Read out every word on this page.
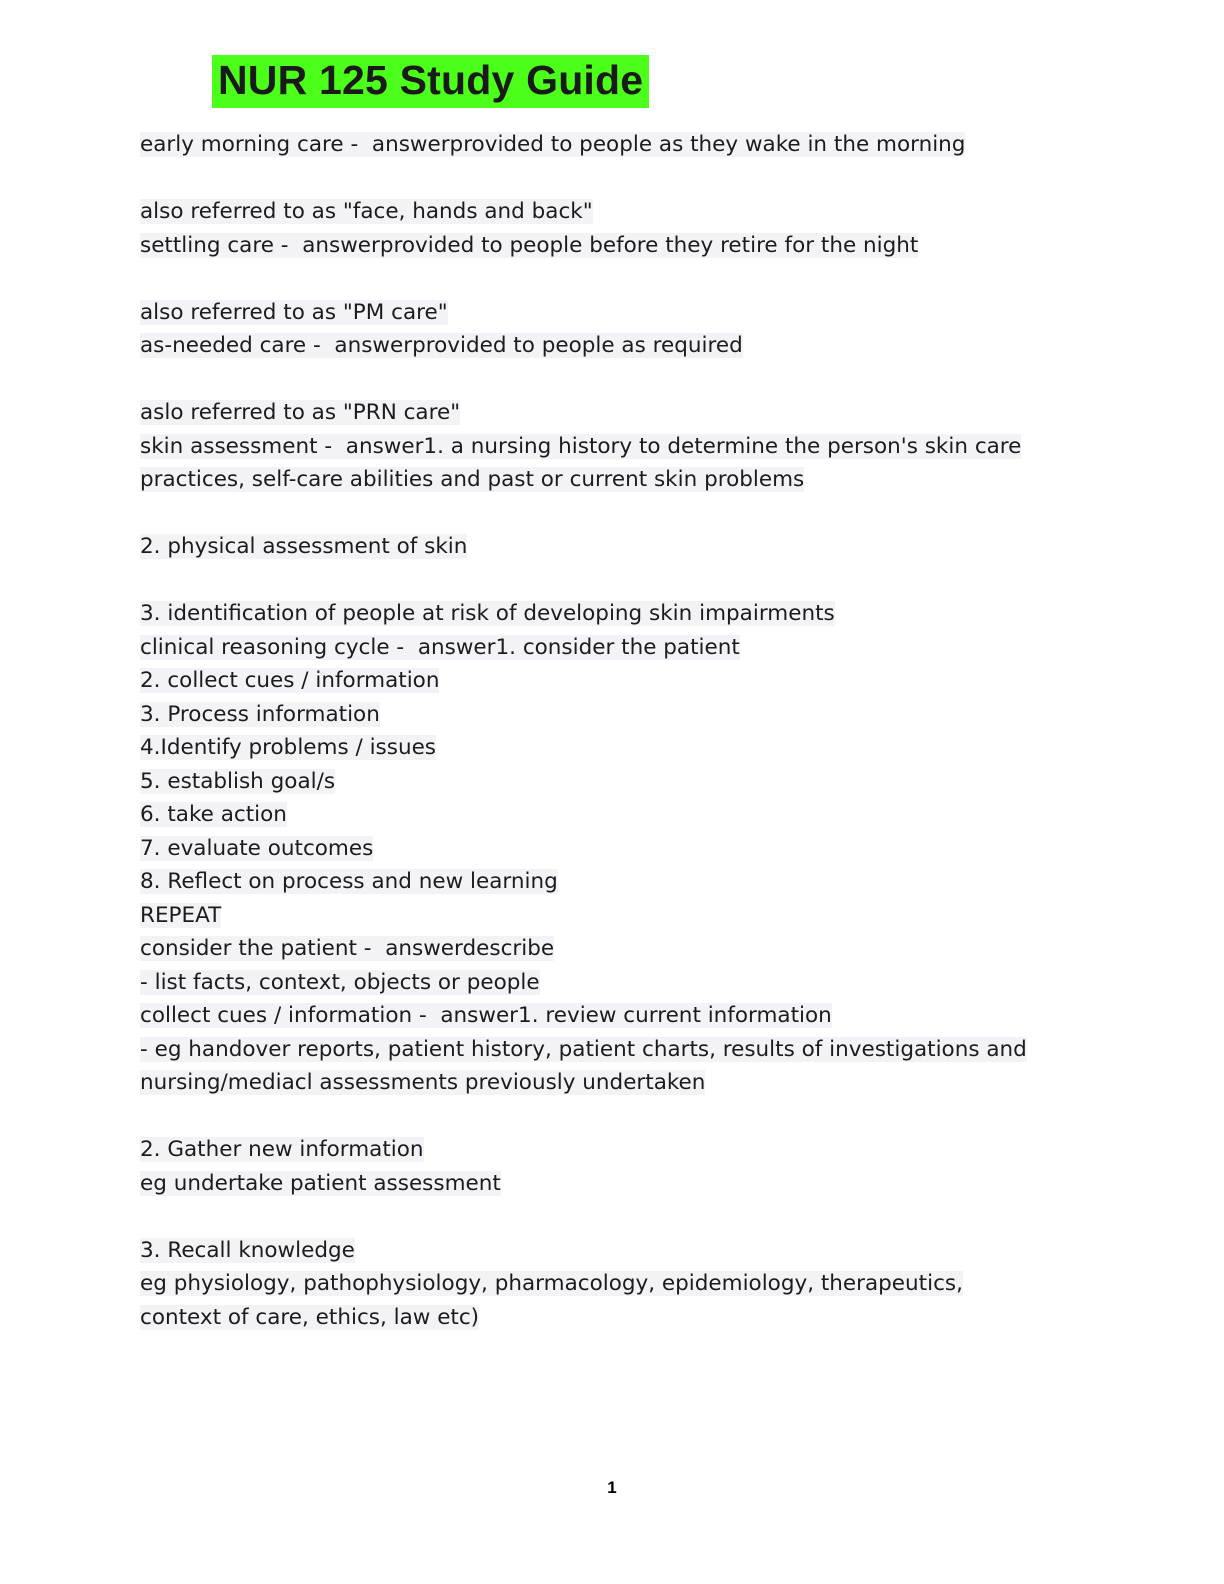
NUR 125 Study Guide
early morning care -  answerprovided to people as they wake in the morning
also referred to as "face, hands and back"
settling care -  answerprovided to people before they retire for the night
also referred to as "PM care"
as-needed care -  answerprovided to people as required
aslo referred to as "PRN care"
skin assessment -  answer1. a nursing history to determine the person's skin care
practices, self-care abilities and past or current skin problems
2. physical assessment of skin
3. identification of people at risk of developing skin impairments
clinical reasoning cycle -  answer1. consider the patient
2. collect cues / information
3. Process information
4.Identify problems / issues
5. establish goal/s
6. take action
7. evaluate outcomes
8. Reflect on process and new learning
REPEAT
consider the patient -  answerdescribe
- list facts, context, objects or people
collect cues / information -  answer1. review current information
- eg handover reports, patient history, patient charts, results of investigations and
nursing/mediacl assessments previously undertaken
2. Gather new information
eg undertake patient assessment
3. Recall knowledge
eg physiology, pathophysiology, pharmacology, epidemiology, therapeutics,
context of care, ethics, law etc)
1
